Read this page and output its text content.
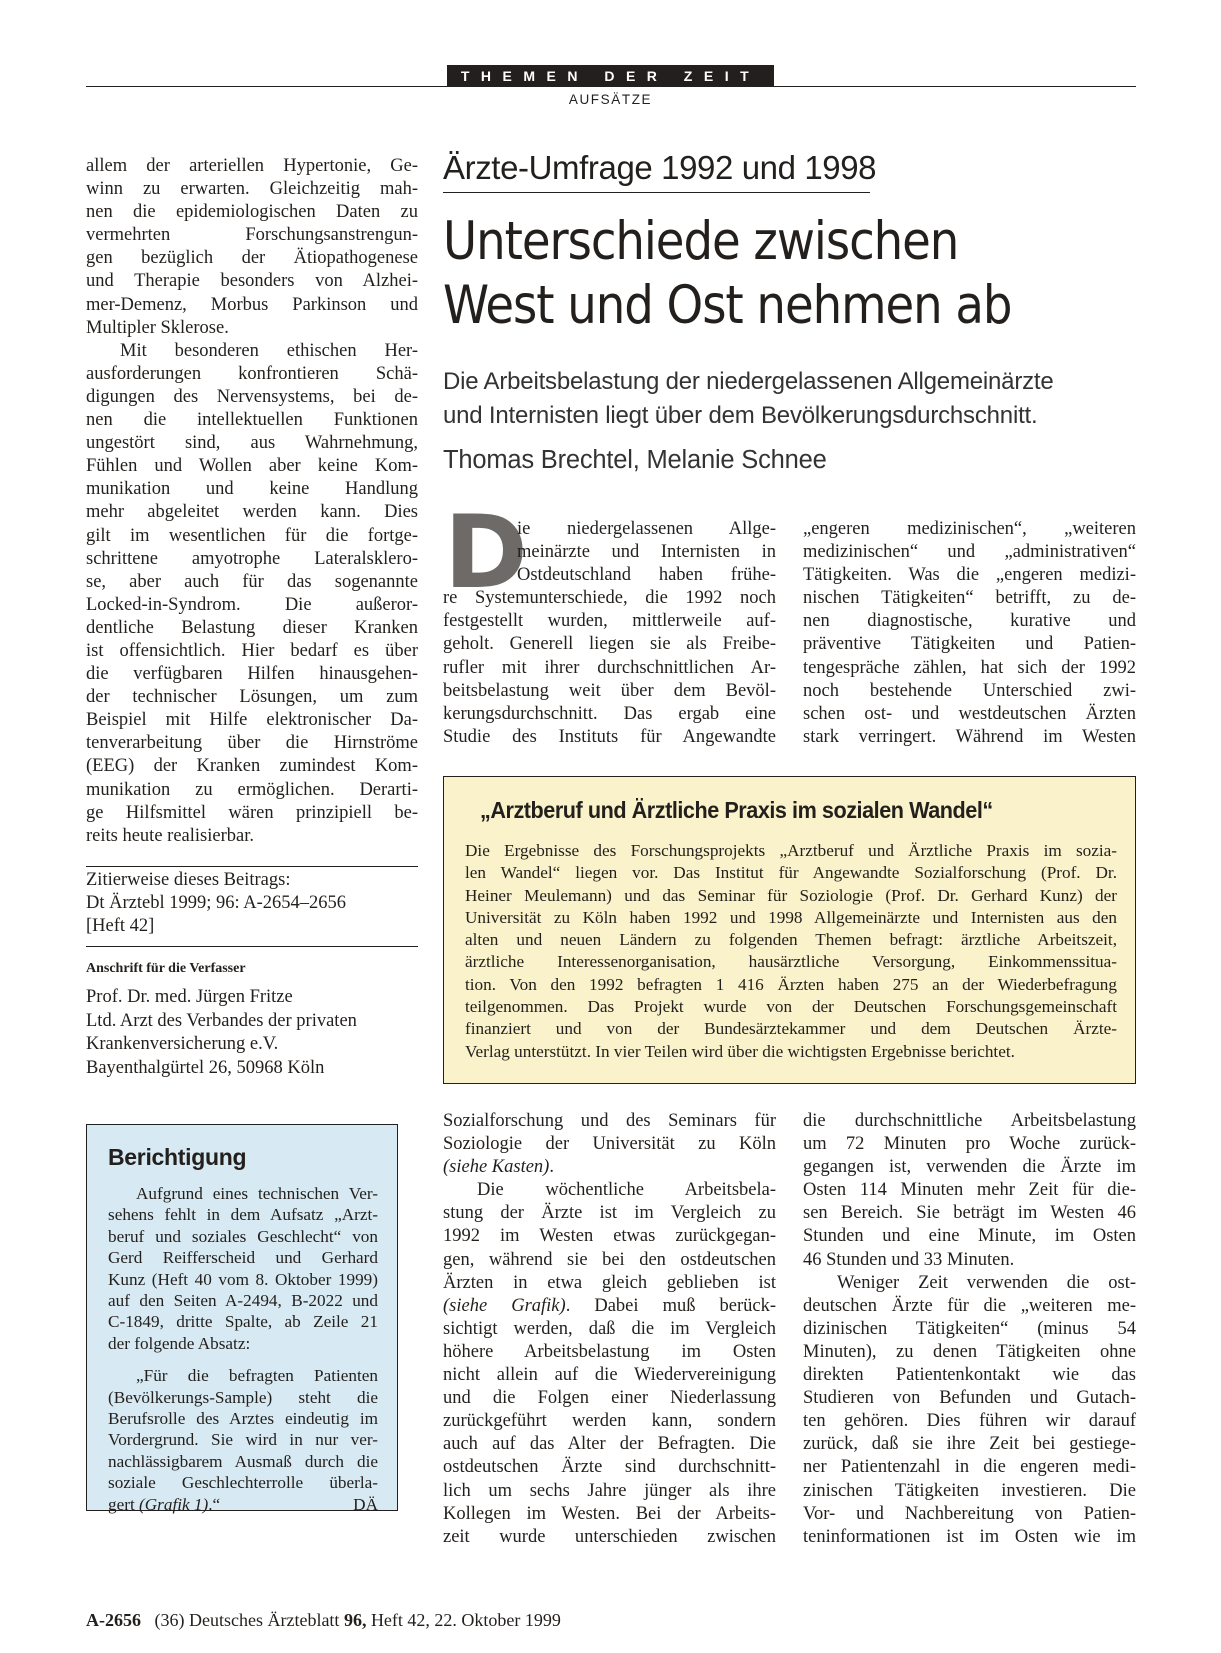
THEMEN DER ZEIT
AUFSÄTZE
allem der arteriellen Hypertonie, Ge-
winn zu erwarten. Gleichzeitig mah-
nen die epidemiologischen Daten zu
vermehrten Forschungsanstrengun-
gen bezüglich der Ätiopathogenese
und Therapie besonders von Alzhei-
mer-Demenz, Morbus Parkinson und
Multipler Sklerose.
Mit besonderen ethischen Her-
ausforderungen konfrontieren Schä-
digungen des Nervensystems, bei de-
nen die intellektuellen Funktionen
ungestört sind, aus Wahrnehmung,
Fühlen und Wollen aber keine Kom-
munikation und keine Handlung
mehr abgeleitet werden kann. Dies
gilt im wesentlichen für die fortge-
schrittene amyotrophe Lateralsklero-
se, aber auch für das sogenannte
Locked-in-Syndrom. Die außeror-
dentliche Belastung dieser Kranken
ist offensichtlich. Hier bedarf es über
die verfügbaren Hilfen hinausgehen-
der technischer Lösungen, um zum
Beispiel mit Hilfe elektronischer Da-
tenverarbeitung über die Hirnströme
(EEG) der Kranken zumindest Kom-
munikation zu ermöglichen. Derarti-
ge Hilfsmittel wären prinzipiell be-
reits heute realisierbar.
Zitierweise dieses Beitrags:
Dt Ärztebl 1999; 96: A-2654–2656
[Heft 42]
Anschrift für die Verfasser
Prof. Dr. med. Jürgen Fritze
Ltd. Arzt des Verbandes der privaten
Krankenversicherung e.V.
Bayenthalgürtel 26, 50968 Köln
Berichtigung
Aufgrund eines technischen Ver-
sehens fehlt in dem Aufsatz „Arzt-
beruf und soziales Geschlecht“ von
Gerd Reifferscheid und Gerhard
Kunz (Heft 40 vom 8. Oktober 1999)
auf den Seiten A-2494, B-2022 und
C-1849, dritte Spalte, ab Zeile 21
der folgende Absatz:
„Für die befragten Patienten
(Bevölkerungs-Sample) steht die
Berufsrolle des Arztes eindeutig im
Vordergrund. Sie wird in nur ver-
nachlässigbarem Ausmaß durch die
soziale Geschlechterrolle überla-
gert (Grafik 1).“	DÄ
Ärzte-Umfrage 1992 und 1998
Unterschiede zwischen
West und Ost nehmen ab
Die Arbeitsbelastung der niedergelassenen Allgemeinärzte
und Internisten liegt über dem Bevölkerungsdurchschnitt.
Thomas Brechtel, Melanie Schnee
D
ie niedergelassenen Allge-
meinärzte und Internisten in
Ostdeutschland haben frühe-
re Systemunterschiede, die 1992 noch
festgestellt wurden, mittlerweile auf-
geholt. Generell liegen sie als Freibe-
rufler mit ihrer durchschnittlichen Ar-
beitsbelastung weit über dem Bevöl-
kerungsdurchschnitt. Das ergab eine
Studie des Instituts für Angewandte
„engeren medizinischen“, „weiteren
medizinischen“ und „administrativen“
Tätigkeiten. Was die „engeren medizi-
nischen Tätigkeiten“ betrifft, zu de-
nen diagnostische, kurative und
präventive Tätigkeiten und Patien-
tengespräche zählen, hat sich der 1992
noch bestehende Unterschied zwi-
schen ost- und westdeutschen Ärzten
stark verringert. Während im Westen
„Arztberuf und Ärztliche Praxis im sozialen Wandel“
Die Ergebnisse des Forschungsprojekts „Arztberuf und Ärztliche Praxis im sozia-
len Wandel“ liegen vor. Das Institut für Angewandte Sozialforschung (Prof. Dr.
Heiner Meulemann) und das Seminar für Soziologie (Prof. Dr. Gerhard Kunz) der
Universität zu Köln haben 1992 und 1998 Allgemeinärzte und Internisten aus den
alten und neuen Ländern zu folgenden Themen befragt: ärztliche Arbeitszeit,
ärztliche Interessenorganisation, hausärztliche Versorgung, Einkommenssitua-
tion. Von den 1992 befragten 1 416 Ärzten haben 275 an der Wiederbefragung
teilgenommen. Das Projekt wurde von der Deutschen Forschungsgemeinschaft
finanziert und von der Bundesärztekammer und dem Deutschen Ärzte-
Verlag unterstützt. In vier Teilen wird über die wichtigsten Ergebnisse berichtet.
Sozialforschung und des Seminars für
Soziologie der Universität zu Köln
(siehe Kasten).
Die wöchentliche Arbeitsbela-
stung der Ärzte ist im Vergleich zu
1992 im Westen etwas zurückgegan-
gen, während sie bei den ostdeutschen
Ärzten in etwa gleich geblieben ist
(siehe Grafik). Dabei muß berück-
sichtigt werden, daß die im Vergleich
höhere Arbeitsbelastung im Osten
nicht allein auf die Wiedervereinigung
und die Folgen einer Niederlassung
zurückgeführt werden kann, sondern
auch auf das Alter der Befragten. Die
ostdeutschen Ärzte sind durchschnitt-
lich um sechs Jahre jünger als ihre
Kollegen im Westen. Bei der Arbeits-
zeit wurde unterschieden zwischen
die durchschnittliche Arbeitsbelastung
um 72 Minuten pro Woche zurück-
gegangen ist, verwenden die Ärzte im
Osten 114 Minuten mehr Zeit für die-
sen Bereich. Sie beträgt im Westen 46
Stunden und eine Minute, im Osten
46 Stunden und 33 Minuten.
Weniger Zeit verwenden die ost-
deutschen Ärzte für die „weiteren me-
dizinischen Tätigkeiten“ (minus 54
Minuten), zu denen Tätigkeiten ohne
direkten Patientenkontakt wie das
Studieren von Befunden und Gutach-
ten gehören. Dies führen wir darauf
zurück, daß sie ihre Zeit bei gestiege-
ner Patientenzahl in die engeren medi-
zinischen Tätigkeiten investieren. Die
Vor- und Nachbereitung von Patien-
teninformationen ist im Osten wie im
A-2656 (36) Deutsches Ärzteblatt 96, Heft 42, 22. Oktober 1999
